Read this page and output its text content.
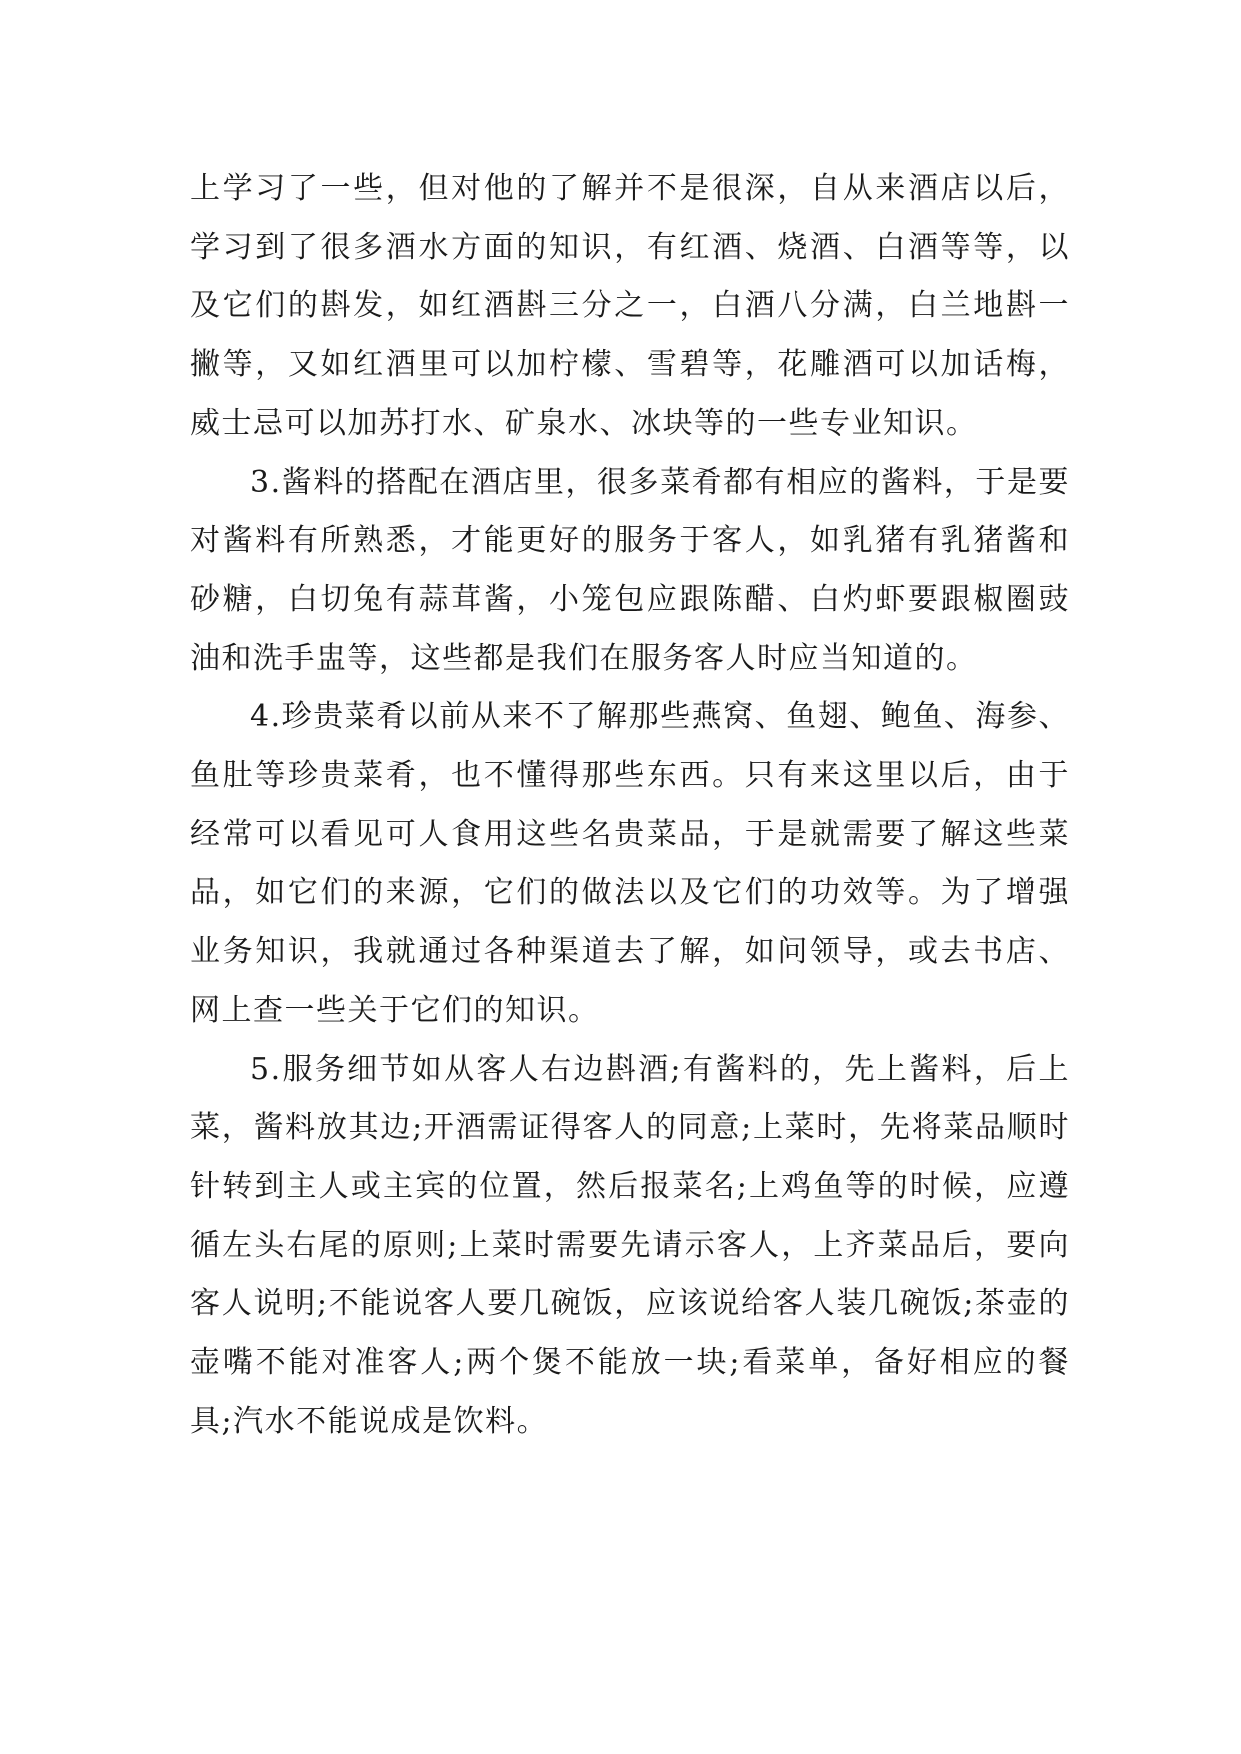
上学习了一些，但对他的了解并不是很深，自从来酒店以后，学习到了很多酒水方面的知识，有红酒、烧酒、白酒等等，以及它们的斟发，如红酒斟三分之一，白酒八分满，白兰地斟一撇等，又如红酒里可以加柠檬、雪碧等，花雕酒可以加话梅，威士忌可以加苏打水、矿泉水、冰块等的一些专业知识。

3.酱料的搭配在酒店里，很多菜肴都有相应的酱料，于是要对酱料有所熟悉，才能更好的服务于客人，如乳猪有乳猪酱和砂糖，白切兔有蒜茸酱，小笼包应跟陈醋、白灼虾要跟椒圈豉油和洗手盅等，这些都是我们在服务客人时应当知道的。

4.珍贵菜肴以前从来不了解那些燕窝、鱼翅、鲍鱼、海参、鱼肚等珍贵菜肴，也不懂得那些东西。只有来这里以后，由于经常可以看见可人食用这些名贵菜品，于是就需要了解这些菜品，如它们的来源，它们的做法以及它们的功效等。为了增强业务知识，我就通过各种渠道去了解，如问领导，或去书店、网上查一些关于它们的知识。

5.服务细节如从客人右边斟酒;有酱料的，先上酱料，后上菜，酱料放其边;开酒需证得客人的同意;上菜时，先将菜品顺时针转到主人或主宾的位置，然后报菜名;上鸡鱼等的时候，应遵循左头右尾的原则;上菜时需要先请示客人，上齐菜品后，要向客人说明;不能说客人要几碗饭，应该说给客人装几碗饭;茶壶的壶嘴不能对准客人;两个煲不能放一块;看菜单，备好相应的餐具;汽水不能说成是饮料。
